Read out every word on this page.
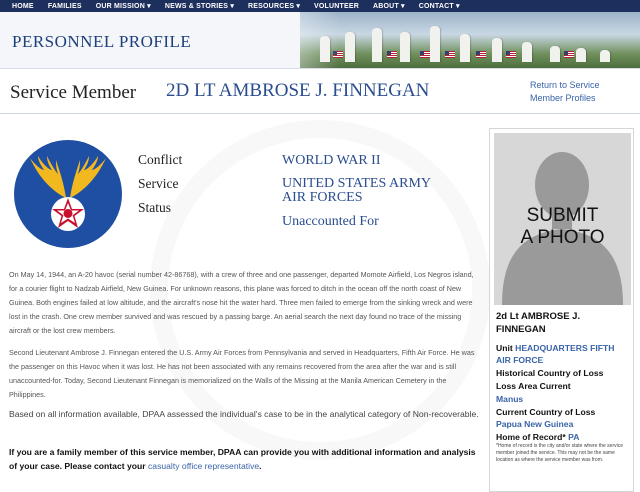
HOME FAMILIES OUR MISSION ▾ NEWS & STORIES ▾ RESOURCES ▾ VOLUNTEER ABOUT ▾ CONTACT ▾
PERSONNEL PROFILE
Service Member 2D LT AMBROSE J. FINNEGAN	Return to Service
Member Profiles
Conflict
Service
Status
WORLD WAR II
UNITED STATES ARMY
AIR FORCES
Unaccounted For

On May 14, 1944, an A-20 havoc (serial number 42-86768), with a crew of three and one passenger, departed Momote Airfield, Los Negros island, for a courier flight to Nadzab Airfield, New Guinea. For unknown reasons, this plane was forced to ditch in the ocean off the north coast of New Guinea. Both engines failed at low altitude, and the aircraft's nose hit the water hard. Three men failed to emerge from the sinking wreck and were lost in the crash. One crew member survived and was rescued by a passing barge. An aerial search the next day found no trace of the missing aircraft or the lost crew members.

Second Lieutenant Ambrose J. Finnegan entered the U.S. Army Air Forces from Pennsylvania and served in Headquarters, Fifth Air Force. He was the passenger on this Havoc when it was lost. He has not been associated with any remains recovered from the area after the war and is still unaccounted-for. Today, Second Lieutenant Finnegan is memorialized on the Walls of the Missing at the Manila American Cemetery in the Philippines.

Based on all information available, DPAA assessed the individual's case to be in the analytical category of Non-recoverable.

If you are a family member of this service member, DPAA can provide you with additional information and analysis of your case. Please contact your casualty office representative.

SUBMIT
A PHOTO
2d Lt AMBROSE J.
FINNEGAN
Unit HEADQUARTERS FIFTH
AIR FORCE
Historical Country of Loss
Loss Area Current
Manus
Current Country of Loss
Papua New Guinea
Home of Record* PA
*Home of record is the city and/or state where the service member joined the service. This may not be the same location as where the service member was from.
